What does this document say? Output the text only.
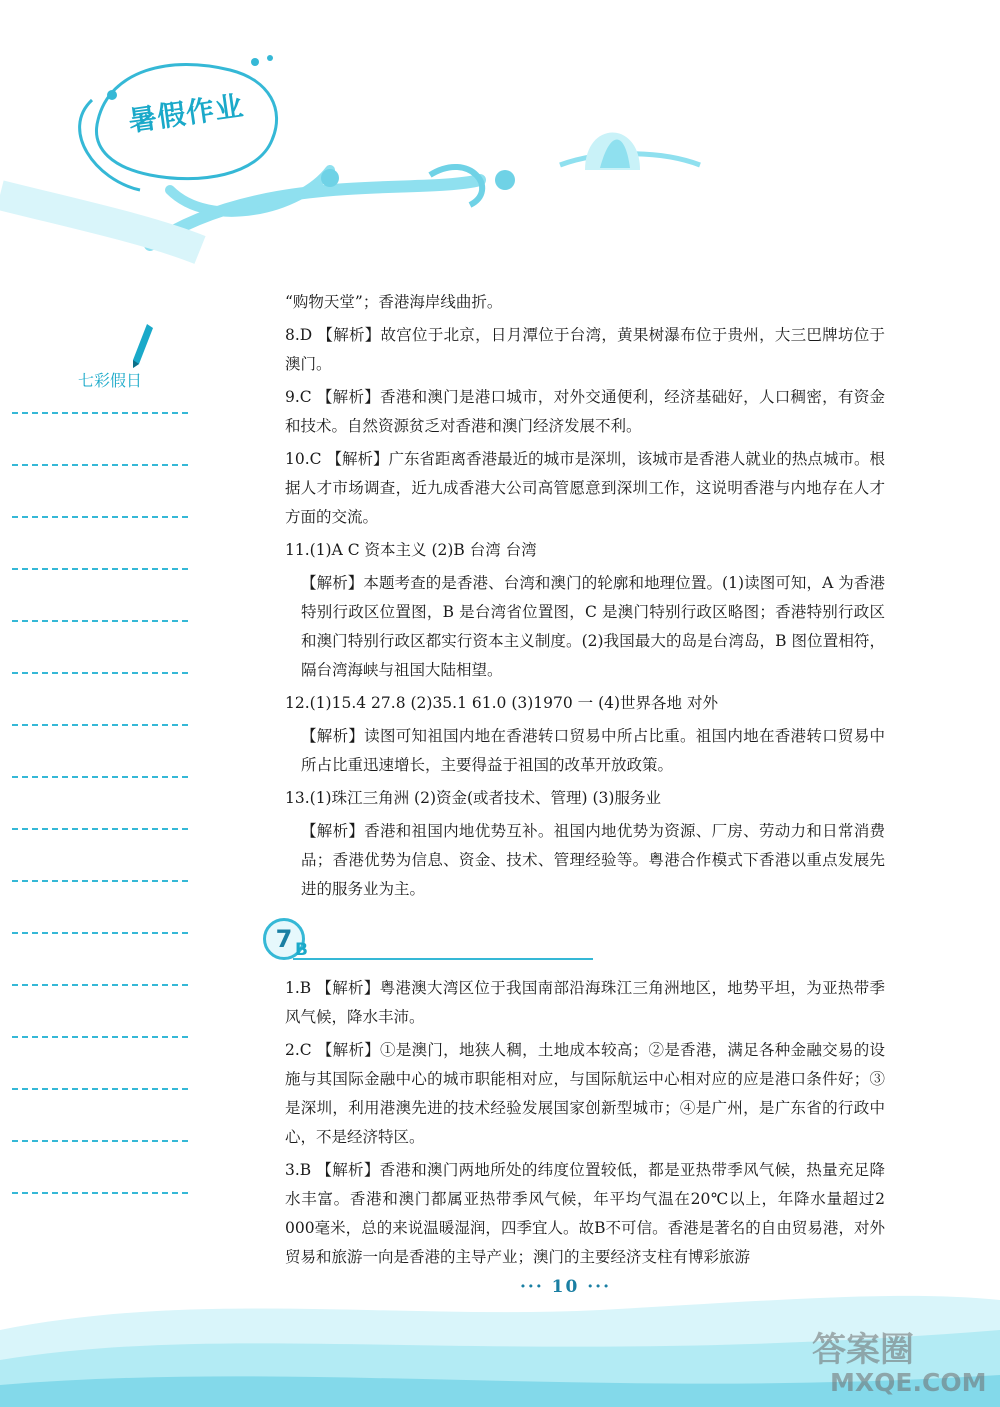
暑假作业
七彩假日

“购物天堂”；香港海岸线曲折。

8.D 【解析】故宫位于北京，日月潭位于台湾，黄果树瀑布位于贵州，大三巴牌坊位于澳门。

9.C 【解析】香港和澳门是港口城市，对外交通便利，经济基础好，人口稠密，有资金和技术。自然资源贫乏对香港和澳门经济发展不利。

10.C 【解析】广东省距离香港最近的城市是深圳，该城市是香港人就业的热点城市。根据人才市场调查，近九成香港大公司高管愿意到深圳工作，这说明香港与内地存在人才方面的交流。

11.(1)A C 资本主义 (2)B 台湾 台湾

【解析】本题考查的是香港、台湾和澳门的轮廓和地理位置。(1)读图可知，A 为香港特别行政区位置图，B 是台湾省位置图，C 是澳门特别行政区略图；香港特别行政区和澳门特别行政区都实行资本主义制度。(2)我国最大的岛是台湾岛，B 图位置相符，隔台湾海峡与祖国大陆相望。

12.(1)15.4 27.8 (2)35.1 61.0 (3)1970 一 (4)世界各地 对外

【解析】读图可知祖国内地在香港转口贸易中所占比重。祖国内地在香港转口贸易中所占比重迅速增长，主要得益于祖国的改革开放政策。

13.(1)珠江三角洲 (2)资金(或者技术、管理) (3)服务业

【解析】香港和祖国内地优势互补。祖国内地优势为资源、厂房、劳动力和日常消费品；香港优势为信息、资金、技术、管理经验等。粤港合作模式下香港以重点发展先进的服务业为主。

7 B

1.B 【解析】粤港澳大湾区位于我国南部沿海珠江三角洲地区，地势平坦，为亚热带季风气候，降水丰沛。

2.C 【解析】①是澳门，地狭人稠，土地成本较高；②是香港，满足各种金融交易的设施与其国际金融中心的城市职能相对应，与国际航运中心相对应的应是港口条件好；③是深圳，利用港澳先进的技术经验发展国家创新型城市；④是广州，是广东省的行政中心，不是经济特区。

3.B 【解析】香港和澳门两地所处的纬度位置较低，都是亚热带季风气候，热量充足降水丰富。香港和澳门都属亚热带季风气候，年平均气温在20℃以上，年降水量超过2 000毫米，总的来说温暖湿润，四季宜人。故B不可信。香港是著名的自由贸易港，对外贸易和旅游一向是香港的主导产业；澳门的主要经济支柱有博彩旅游

··· 10 ···
答案圈
MXQE.COM
